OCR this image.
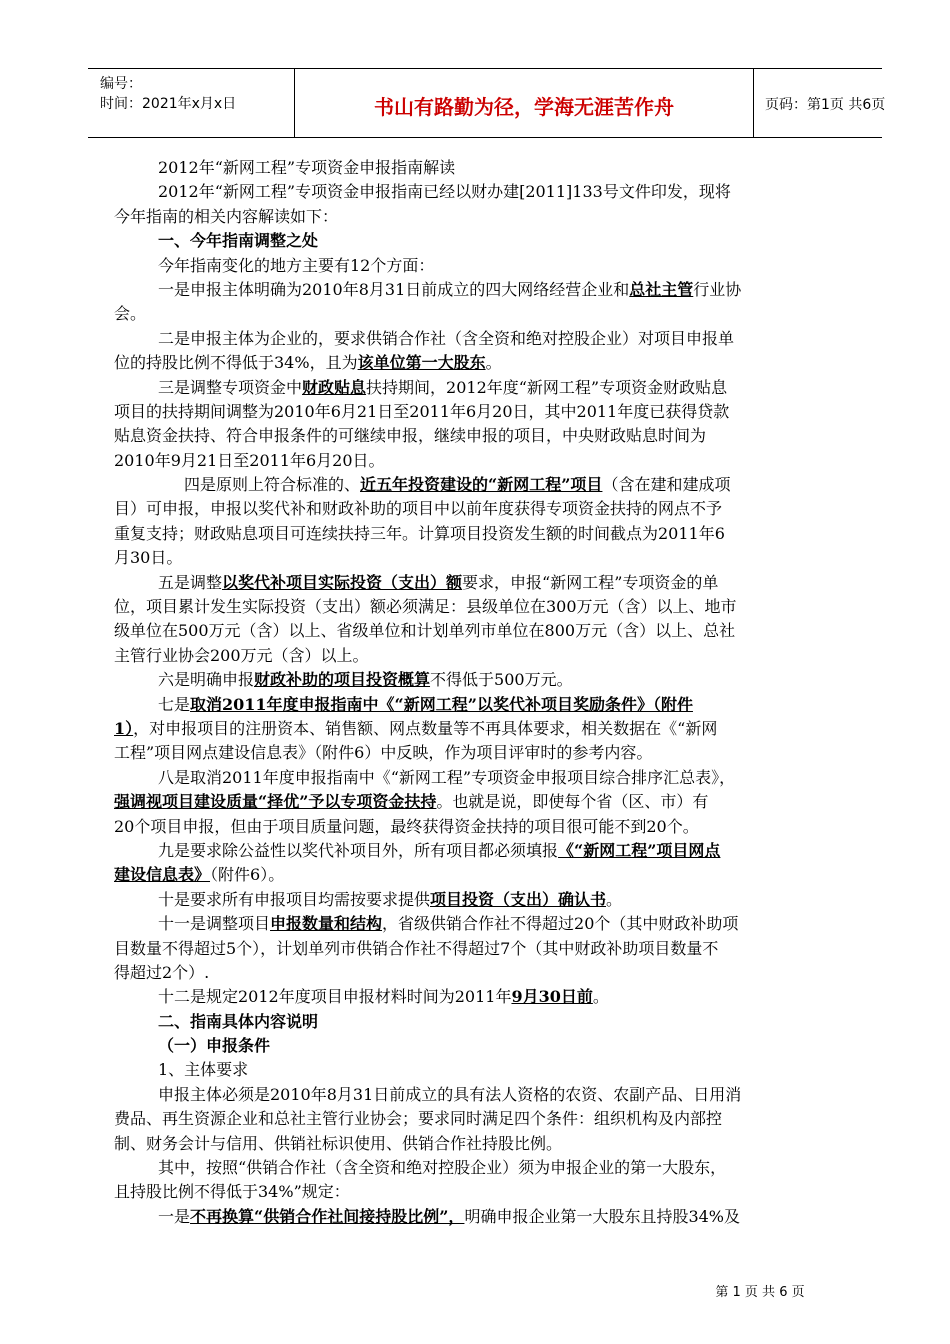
编号：
时间：2021年x月x日	书山有路勤为径，学海无涯苦作舟	页码：第1页 共6页
2012年“新网工程”专项资金申报指南解读
2012年“新网工程”专项资金申报指南已经以财办建[2011]133号文件印发，现将
今年指南的相关内容解读如下：
一、今年指南调整之处
今年指南变化的地方主要有12个方面：
一是申报主体明确为2010年8月31日前成立的四大网络经营企业和总社主管行业协
会。
二是申报主体为企业的，要求供销合作社（含全资和绝对控股企业）对项目申报单
位的持股比例不得低于34%，且为该单位第一大股东。
三是调整专项资金中财政贴息扶持期间，2012年度“新网工程”专项资金财政贴息
项目的扶持期间调整为2010年6月21日至2011年6月20日，其中2011年度已获得贷款
贴息资金扶持、符合申报条件的可继续申报，继续申报的项目，中央财政贴息时间为
2010年9月21日至2011年6月20日。
四是原则上符合标准的、近五年投资建设的“新网工程”项目（含在建和建成项
目）可申报，申报以奖代补和财政补助的项目中以前年度获得专项资金扶持的网点不予
重复支持；财政贴息项目可连续扶持三年。计算项目投资发生额的时间截点为2011年6
月30日。
五是调整以奖代补项目实际投资（支出）额要求，申报“新网工程”专项资金的单
位，项目累计发生实际投资（支出）额必须满足：县级单位在300万元（含）以上、地市
级单位在500万元（含）以上、省级单位和计划单列市单位在800万元（含）以上、总社
主管行业协会200万元（含）以上。
六是明确申报财政补助的项目投资概算不得低于500万元。
七是取消2011年度申报指南中《“新网工程”以奖代补项目奖励条件》（附件
1），对申报项目的注册资本、销售额、网点数量等不再具体要求，相关数据在《“新网
工程”项目网点建设信息表》（附件6）中反映，作为项目评审时的参考内容。
八是取消2011年度申报指南中《“新网工程”专项资金申报项目综合排序汇总表》，
强调视项目建设质量“择优”予以专项资金扶持。也就是说，即使每个省（区、市）有
20个项目申报，但由于项目质量问题，最终获得资金扶持的项目很可能不到20个。
九是要求除公益性以奖代补项目外，所有项目都必须填报《“新网工程”项目网点
建设信息表》（附件6）。
十是要求所有申报项目均需按要求提供项目投资（支出）确认书。
十一是调整项目申报数量和结构，省级供销合作社不得超过20个（其中财政补助项
目数量不得超过5个），计划单列市供销合作社不得超过7个（其中财政补助项目数量不
得超过2个）.
十二是规定2012年度项目申报材料时间为2011年9月30日前。
二、指南具体内容说明
（一）申报条件
1、主体要求
申报主体必须是2010年8月31日前成立的具有法人资格的农资、农副产品、日用消
费品、再生资源企业和总社主管行业协会；要求同时满足四个条件：组织机构及内部控
制、财务会计与信用、供销社标识使用、供销合作社持股比例。
其中，按照“供销合作社（含全资和绝对控股企业）须为申报企业的第一大股东，
且持股比例不得低于34%”规定：
一是不再换算“供销合作社间接持股比例”，明确申报企业第一大股东且持股34%及
第 1 页 共 6 页
